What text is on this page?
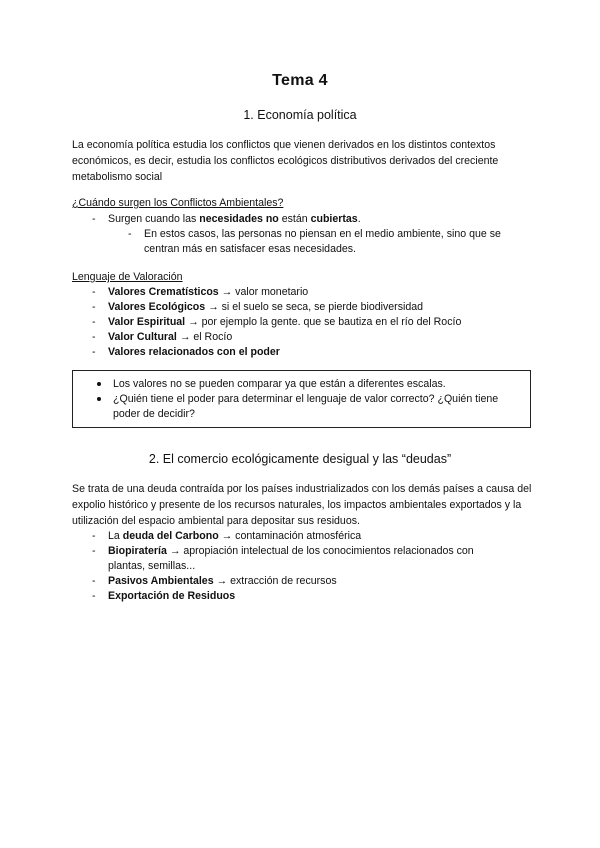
Tema 4
1. Economía política
La economía política estudia los conflictos que vienen derivados en los distintos contextos económicos, es decir, estudia los conflictos ecológicos distributivos derivados del creciente metabolismo social
¿Cuándo surgen los Conflictos Ambientales?
- Surgen cuando las necesidades no están cubiertas.
- En estos casos, las personas no piensan en el medio ambiente, sino que se
centran más en satisfacer esas necesidades.
Lenguaje de Valoración
- Valores Crematísticos → valor monetario
- Valores Ecológicos → si el suelo se seca, se pierde biodiversidad
- Valor Espiritual → por ejemplo la gente. que se bautiza en el río del Rocío
- Valor Cultural → el Rocío
- Valores relacionados con el poder
Los valores no se pueden comparar ya que están a diferentes escalas.
¿Quién tiene el poder para determinar el lenguaje de valor correcto? ¿Quién tiene
poder de decidir?
2. El comercio ecológicamente desigual y las “deudas”
Se trata de una deuda contraída por los países industrializados con los demás países a causa del expolio histórico y presente de los recursos naturales, los impactos ambientales exportados y la utilización del espacio ambiental para depositar sus residuos.
- La deuda del Carbono → contaminación atmosférica
- Biopiratería → apropiación intelectual de los conocimientos relacionados con
plantas, semillas...
- Pasivos Ambientales → extracción de recursos
- Exportación de Residuos
